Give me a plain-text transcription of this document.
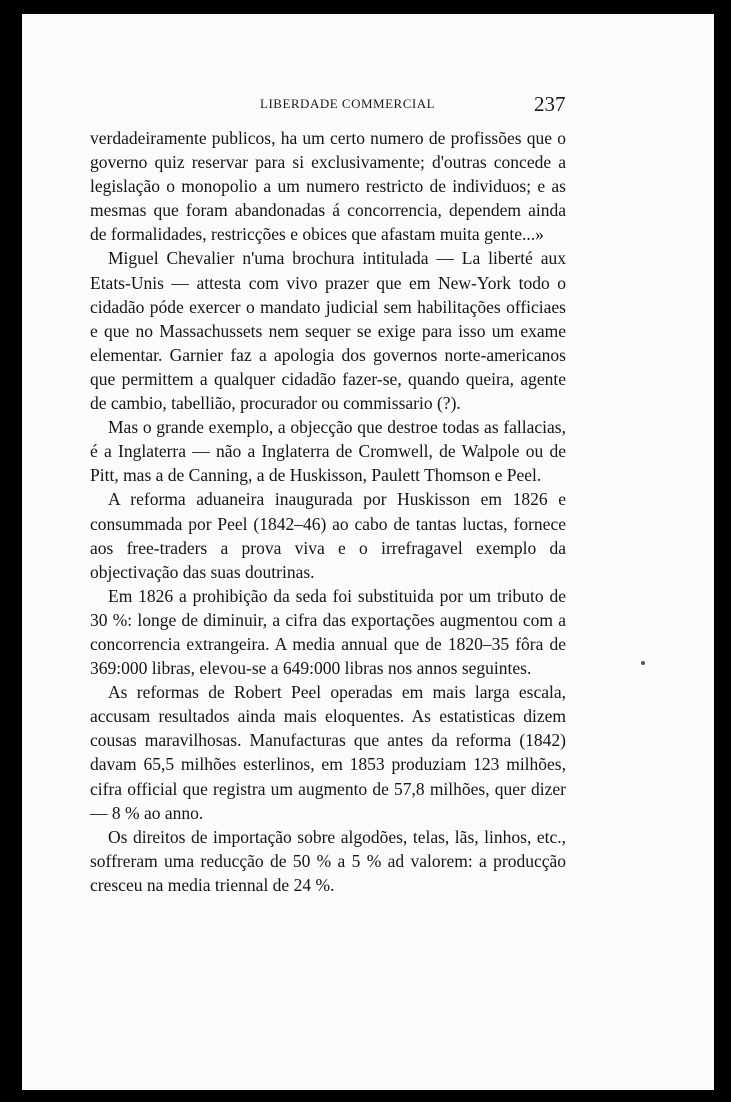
LIBERDADE COMMERCIAL	237

verdadeiramente publicos, ha um certo numero de profissões que o governo quiz reservar para si exclusivamente; d'outras concede a legislação o monopolio a um numero restricto de individuos; e as mesmas que foram abandonadas á concorrencia, dependem ainda de formalidades, restricções e obices que afastam muita gente...»

Miguel Chevalier n'uma brochura intitulada — La liberté aux Etats-Unis — attesta com vivo prazer que em New-York todo o cidadão póde exercer o mandato judicial sem habilitações officiaes e que no Massachussets nem sequer se exige para isso um exame elementar. Garnier faz a apologia dos governos norte-americanos que permittem a qualquer cidadão fazer-se, quando queira, agente de cambio, tabellião, procurador ou commissario (?).

Mas o grande exemplo, a objecção que destroe todas as fallacias, é a Inglaterra — não a Inglaterra de Cromwell, de Walpole ou de Pitt, mas a de Canning, a de Huskisson, Paulett Thomson e Peel.

A reforma aduaneira inaugurada por Huskisson em 1826 e consummada por Peel (1842–46) ao cabo de tantas luctas, fornece aos free-traders a prova viva e o irrefragavel exemplo da objectivação das suas doutrinas.

Em 1826 a prohibição da seda foi substituida por um tributo de 30 %: longe de diminuir, a cifra das exportações augmentou com a concorrencia extrangeira. A media annual que de 1820–35 fôra de 369:000 libras, elevou-se a 649:000 libras nos annos seguintes.

As reformas de Robert Peel operadas em mais larga escala, accusam resultados ainda mais eloquentes. As estatisticas dizem cousas maravilhosas. Manufacturas que antes da reforma (1842) davam 65,5 milhões esterlinos, em 1853 produziam 123 milhões, cifra official que registra um augmento de 57,8 milhões, quer dizer — 8 % ao anno.

Os direitos de importação sobre algodões, telas, lãs, linhos, etc., soffreram uma reducção de 50 % a 5 % ad valorem: a producção cresceu na media triennal de 24 %.
